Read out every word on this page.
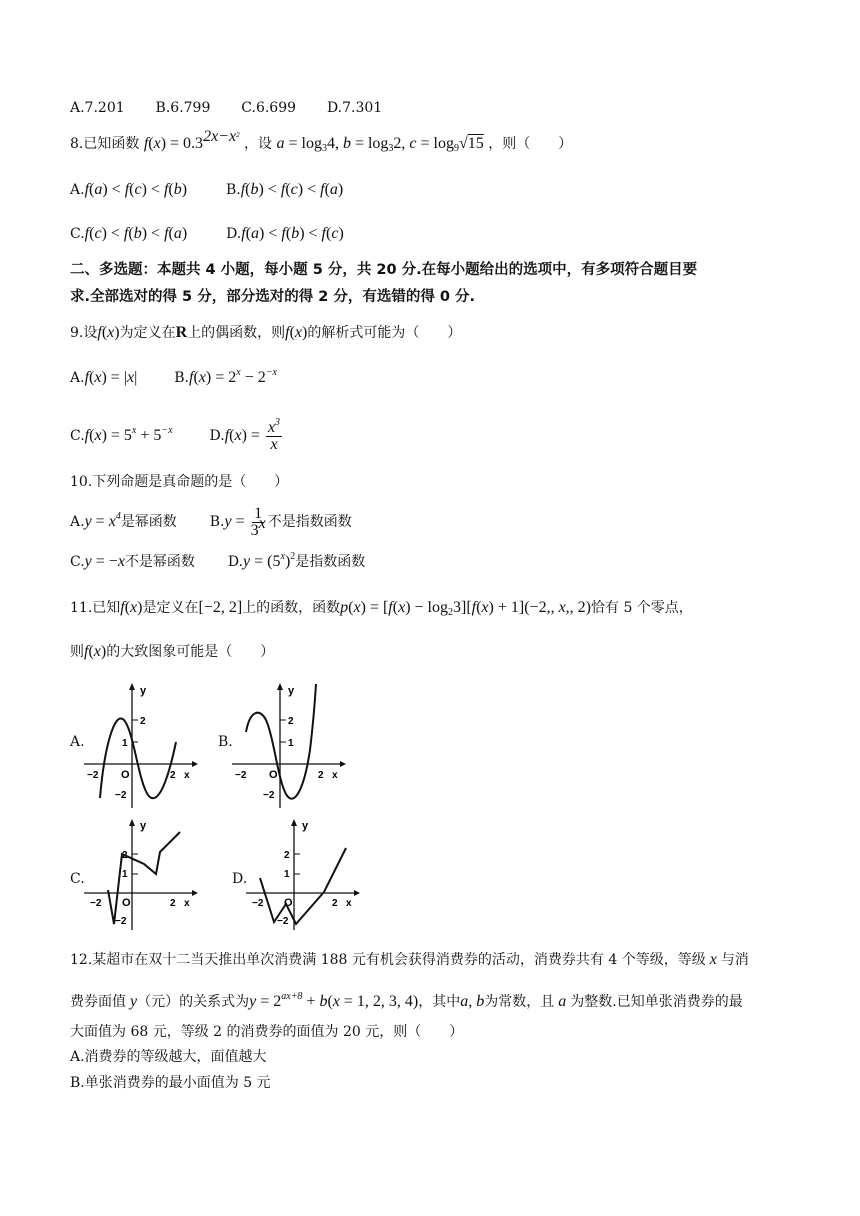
A.7.201 B.6.799 C.6.699 D.7.301
8.已知函数 $f(x) = 0.3^{2x-x^2}$ ，设 $a = \log_34$, $b = \log_32$, $c = \log_9√15$ ，则（　　）
A.f(a) < f(c) < f(b)	B.f(b) < f(c) < f(a)
C.f(c) < f(b) < f(a)	D.f(a) < f(b) < f(c)
二、多选题：本题共 4 小题，每小题 5 分，共 20 分.在每小题给出的选项中，有多项符合题目要
求.全部选对的得 5 分，部分选对的得 2 分，有选错的得 0 分.
9.设f(x)为定义在R上的偶函数，则f(x)的解析式可能为（　　）
A.f(x) = |x|	$B.f(x) = 2^x - 2^{-x}$
$C.f(x) = 5^x + 5^{-x}$	$D.f(x) = \frac{x^3}{x}$
10.下列命题是真命题的是（　　）
$A.y = x^4$是幂函数 $B.y = \frac{1}{3^x}$ 不是指数函数
C.y = −x不是幂函数 $D.y = (5^x)^2$是指数函数
11.已知f(x)是定义在[−2, 2]上的函数，函数$p(x) = [f(x) - \log_23][f(x) + 1](-2$,, x,, 2)恰有 5 个零点，
则f(x)的大致图象可能是（　　）
A.
y
x
O
−2	2
1
2
−2
B.
y
x
O
−2	2
1
2
−2
C.
y
x
O
−2	2
1
2
−2
D.
y
x
O
−2	2
1
2
−2
12.某超市在双十二当天推出单次消费满 188 元有机会获得消费券的活动，消费券共有 4 个等级，等级 x 与消
费券面值 y（元）的关系式为$y = 2^{ax+8} + b(x = 1$, 2, 3, 4)，其中a, b为常数，且 a 为整数.已知单张消费券的最
大面值为 68 元，等级 2 的消费券的面值为 20 元，则（　　）
A.消费券的等级越大，面值越大
B.单张消费券的最小面值为 5 元
